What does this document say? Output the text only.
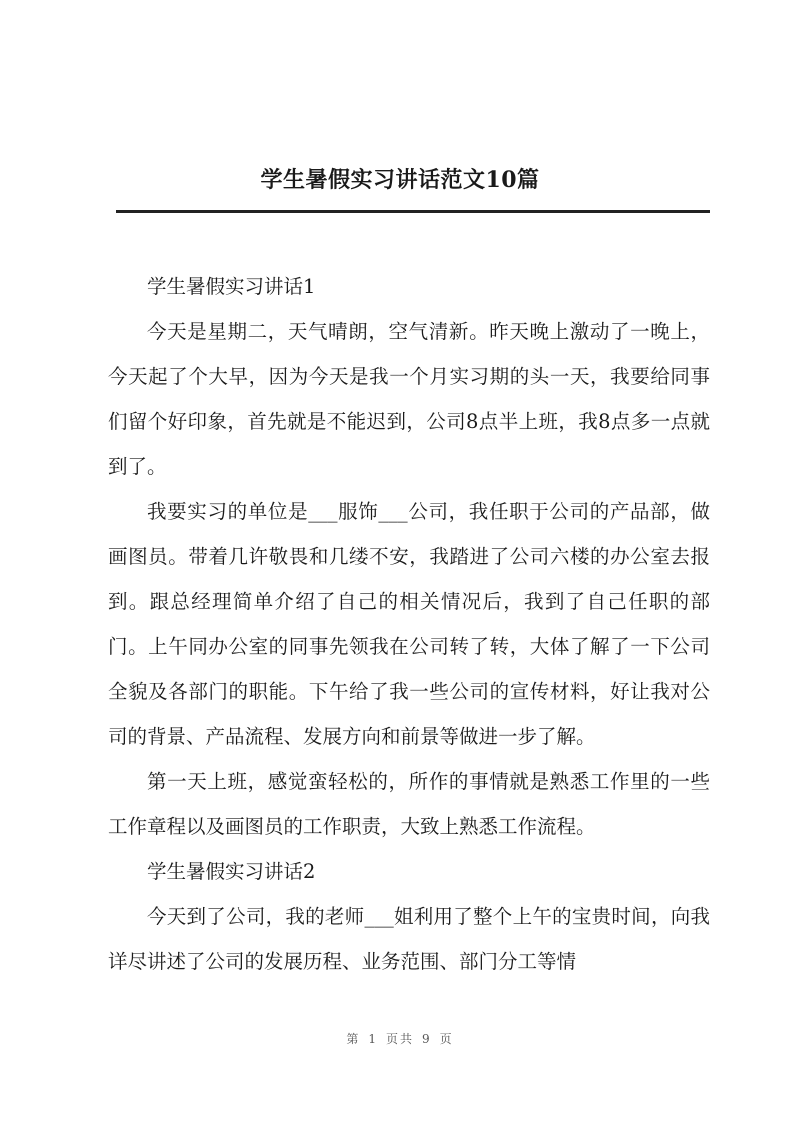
学生暑假实习讲话范文10篇

学生暑假实习讲话1

今天是星期二，天气晴朗，空气清新。昨天晚上激动了一晚上，今天起了个大早，因为今天是我一个月实习期的头一天，我要给同事们留个好印象，首先就是不能迟到，公司8点半上班，我8点多一点就到了。

我要实习的单位是___服饰___公司，我任职于公司的产品部，做画图员。带着几许敬畏和几缕不安，我踏进了公司六楼的办公室去报到。跟总经理简单介绍了自己的相关情况后，我到了自己任职的部门。上午同办公室的同事先领我在公司转了转，大体了解了一下公司全貌及各部门的职能。下午给了我一些公司的宣传材料，好让我对公司的背景、产品流程、发展方向和前景等做进一步了解。

第一天上班，感觉蛮轻松的，所作的事情就是熟悉工作里的一些工作章程以及画图员的工作职责，大致上熟悉工作流程。

学生暑假实习讲话2

今天到了公司，我的老师___姐利用了整个上午的宝贵时间，向我详尽讲述了公司的发展历程、业务范围、部门分工等情

第 1 页共 9 页
